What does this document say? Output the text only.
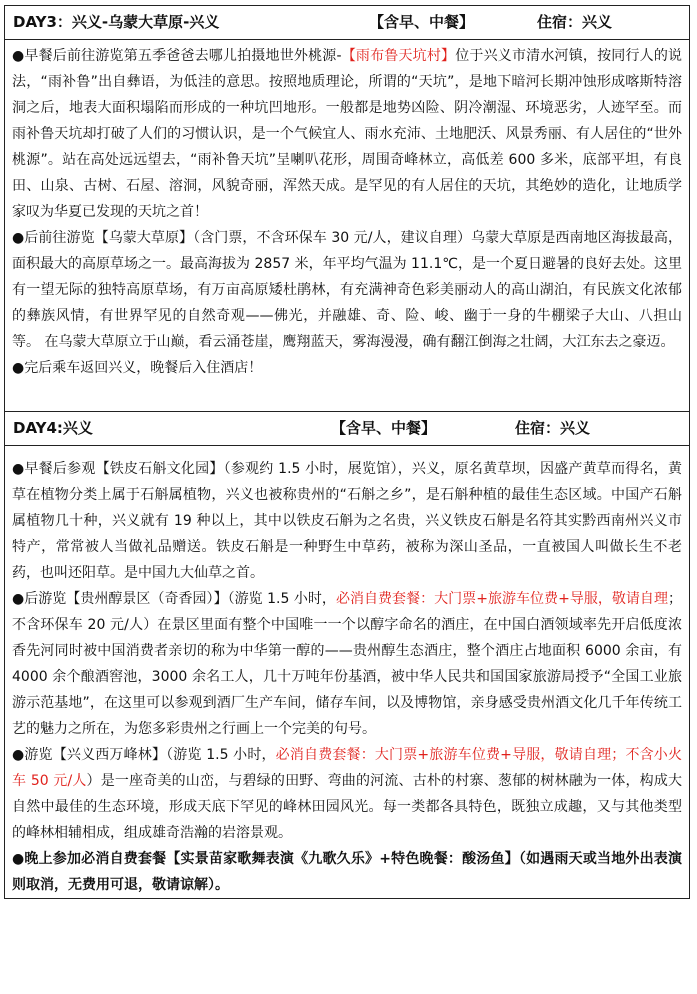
DAY3：兴义-乌蒙大草原-兴义	【含早、中餐】	住宿：兴义

●早餐后前往游览第五季爸爸去哪儿拍摄地世外桃源-【雨布鲁天坑村】位于兴义市清水河镇，按同行人的说法，“雨补鲁”出自彝语，为低洼的意思。按照地质理论，所谓的“天坑”，是地下暗河长期冲蚀形成喀斯特溶洞之后，地表大面积塌陷而形成的一种坑凹地形。一般都是地势凶险、阴冷潮湿、环境恶劣，人迹罕至。而雨补鲁天坑却打破了人们的习惯认识，是一个气候宜人、雨水充沛、土地肥沃、风景秀丽、有人居住的“世外桃源”。站在高处远远望去，“雨补鲁天坑”呈喇叭花形，周围奇峰林立，高低差 600 多米，底部平坦，有良田、山泉、古树、石屋、溶洞，风貌奇丽，浑然天成。是罕见的有人居住的天坑，其绝妙的造化，让地质学家叹为华夏已发现的天坑之首！

●后前往游览【乌蒙大草原】（含门票，不含环保车 30 元/人，建议自理）乌蒙大草原是西南地区海拔最高，面积最大的高原草场之一。最高海拔为 2857 米，年平均气温为 11.1℃，是一个夏日避暑的良好去处。这里有一望无际的独特高原草场，有万亩高原矮杜鹃林，有充满神奇色彩美丽动人的高山湖泊，有民族文化浓郁的彝族风情，有世界罕见的自然奇观——佛光，并融雄、奇、险、峻、幽于一身的牛棚梁子大山、八担山等。 在乌蒙大草原立于山巅，看云涌苍崖，鹰翔蓝天，雾海漫漫，确有翻江倒海之壮阔，大江东去之豪迈。

●完后乘车返回兴义，晚餐后入住酒店！

DAY4:兴义	【含早、中餐】	住宿：兴义

●早餐后参观【铁皮石斛文化园】（参观约 1.5 小时，展览馆），兴义，原名黄草坝，因盛产黄草而得名，黄草在植物分类上属于石斛属植物，兴义也被称贵州的“石斛之乡”，是石斛种植的最佳生态区域。中国产石斛属植物几十种，兴义就有 19 种以上，其中以铁皮石斛为之名贵，兴义铁皮石斛是名符其实黔西南州兴义市特产，常常被人当做礼品赠送。铁皮石斛是一种野生中草药，被称为深山圣品，一直被国人叫做长生不老药，也叫还阳草。是中国九大仙草之首。

●后游览【贵州醇景区（奇香园）】（游览 1.5 小时，必消自费套餐：大门票+旅游车位费+导服，敬请自理；不含环保车 20 元/人）在景区里面有整个中国唯一一个以醇字命名的酒庄，在中国白酒领域率先开启低度浓香先河同时被中国消费者亲切的称为中华第一醇的——贵州醇生态酒庄，整个酒庄占地面积 6000 余亩，有 4000 余个酿酒窖池，3000 余名工人，几十万吨年份基酒，被中华人民共和国国家旅游局授予“全国工业旅游示范基地”，在这里可以参观到酒厂生产车间，储存车间，以及博物馆，亲身感受贵州酒文化几千年传统工艺的魅力之所在，为您多彩贵州之行画上一个完美的句号。

●游览【兴义西万峰林】（游览 1.5 小时，必消自费套餐：大门票+旅游车位费+导服，敬请自理；不含小火车 50 元/人）是一座奇美的山峦，与碧绿的田野、弯曲的河流、古朴的村寨、葱郁的树林融为一体，构成大自然中最佳的生态环境，形成天底下罕见的峰林田园风光。每一类都各具特色，既独立成趣，又与其他类型的峰林相辅相成，组成雄奇浩瀚的岩溶景观。

●晚上参加必消自费套餐【实景苗家歌舞表演《九歌久乐》+特色晚餐：酸汤鱼】（如遇雨天或当地外出表演则取消，无费用可退，敬请谅解）。
